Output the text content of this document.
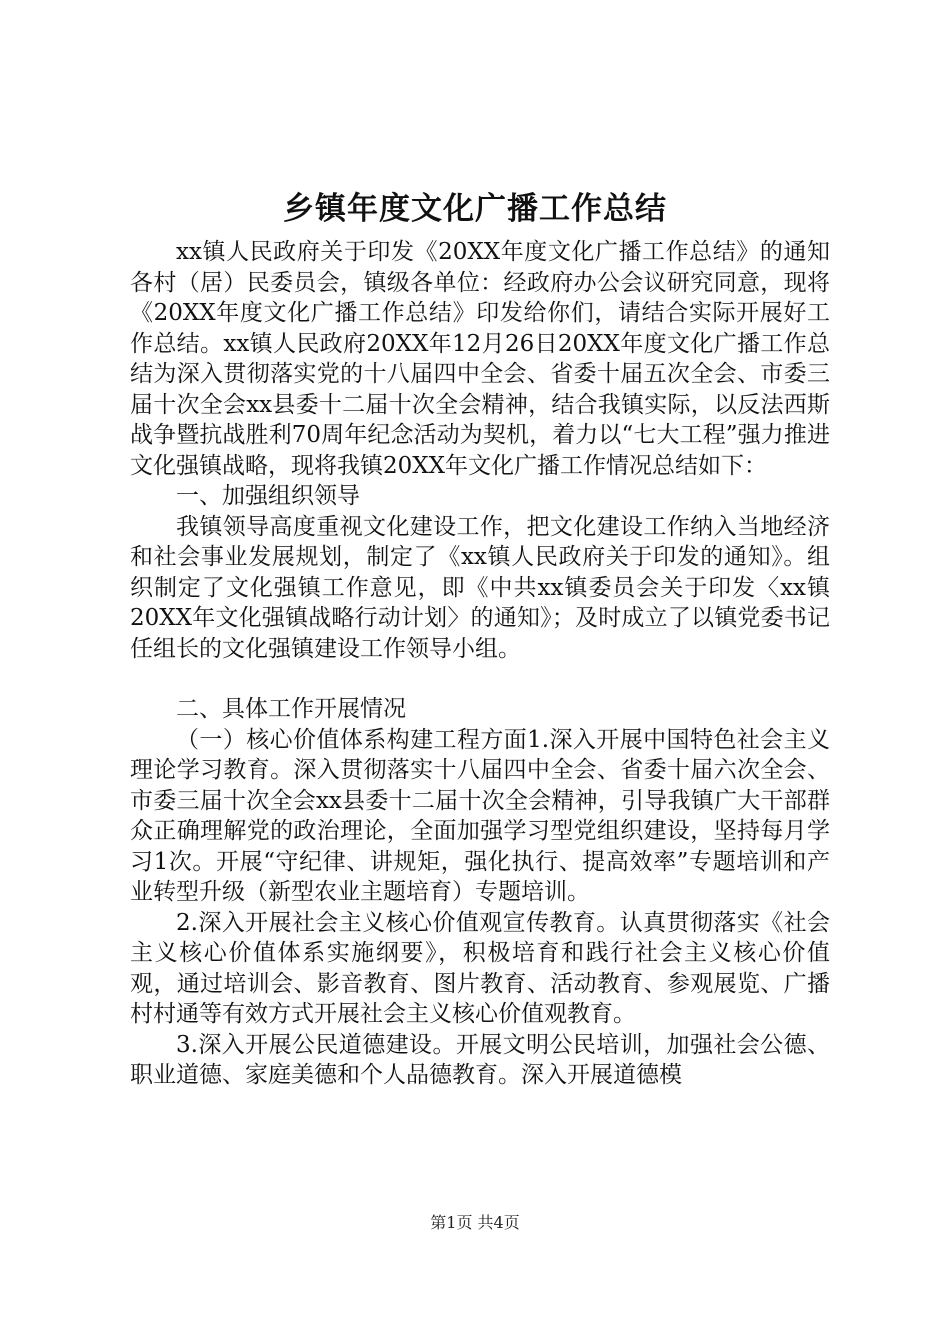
乡镇年度文化广播工作总结

xx镇人民政府关于印发《20XX年度文化广播工作总结》的通知各村（居）民委员会，镇级各单位：经政府办公会议研究同意，现将《20XX年度文化广播工作总结》印发给你们，请结合实际开展好工作总结。xx镇人民政府20XX年12月26日20XX年度文化广播工作总结为深入贯彻落实党的十八届四中全会、省委十届五次全会、市委三届十次全会xx县委十二届十次全会精神，结合我镇实际，以反法西斯战争暨抗战胜利70周年纪念活动为契机，着力以“七大工程”强力推进文化强镇战略，现将我镇20XX年文化广播工作情况总结如下：

一、加强组织领导

我镇领导高度重视文化建设工作，把文化建设工作纳入当地经济和社会事业发展规划，制定了《xx镇人民政府关于印发的通知》。组织制定了文化强镇工作意见，即《中共xx镇委员会关于印发〈xx镇20XX年文化强镇战略行动计划〉的通知》；及时成立了以镇党委书记任组长的文化强镇建设工作领导小组。

二、具体工作开展情况

（一）核心价值体系构建工程方面1.深入开展中国特色社会主义理论学习教育。深入贯彻落实十八届四中全会、省委十届六次全会、市委三届十次全会xx县委十二届十次全会精神，引导我镇广大干部群众正确理解党的政治理论，全面加强学习型党组织建设，坚持每月学习1次。开展“守纪律、讲规矩，强化执行、提高效率”专题培训和产业转型升级（新型农业主题培育）专题培训。

2.深入开展社会主义核心价值观宣传教育。认真贯彻落实《社会主义核心价值体系实施纲要》，积极培育和践行社会主义核心价值观，通过培训会、影音教育、图片教育、活动教育、参观展览、广播村村通等有效方式开展社会主义核心价值观教育。

3.深入开展公民道德建设。开展文明公民培训，加强社会公德、职业道德、家庭美德和个人品德教育。深入开展道德模

第1页 共4页
